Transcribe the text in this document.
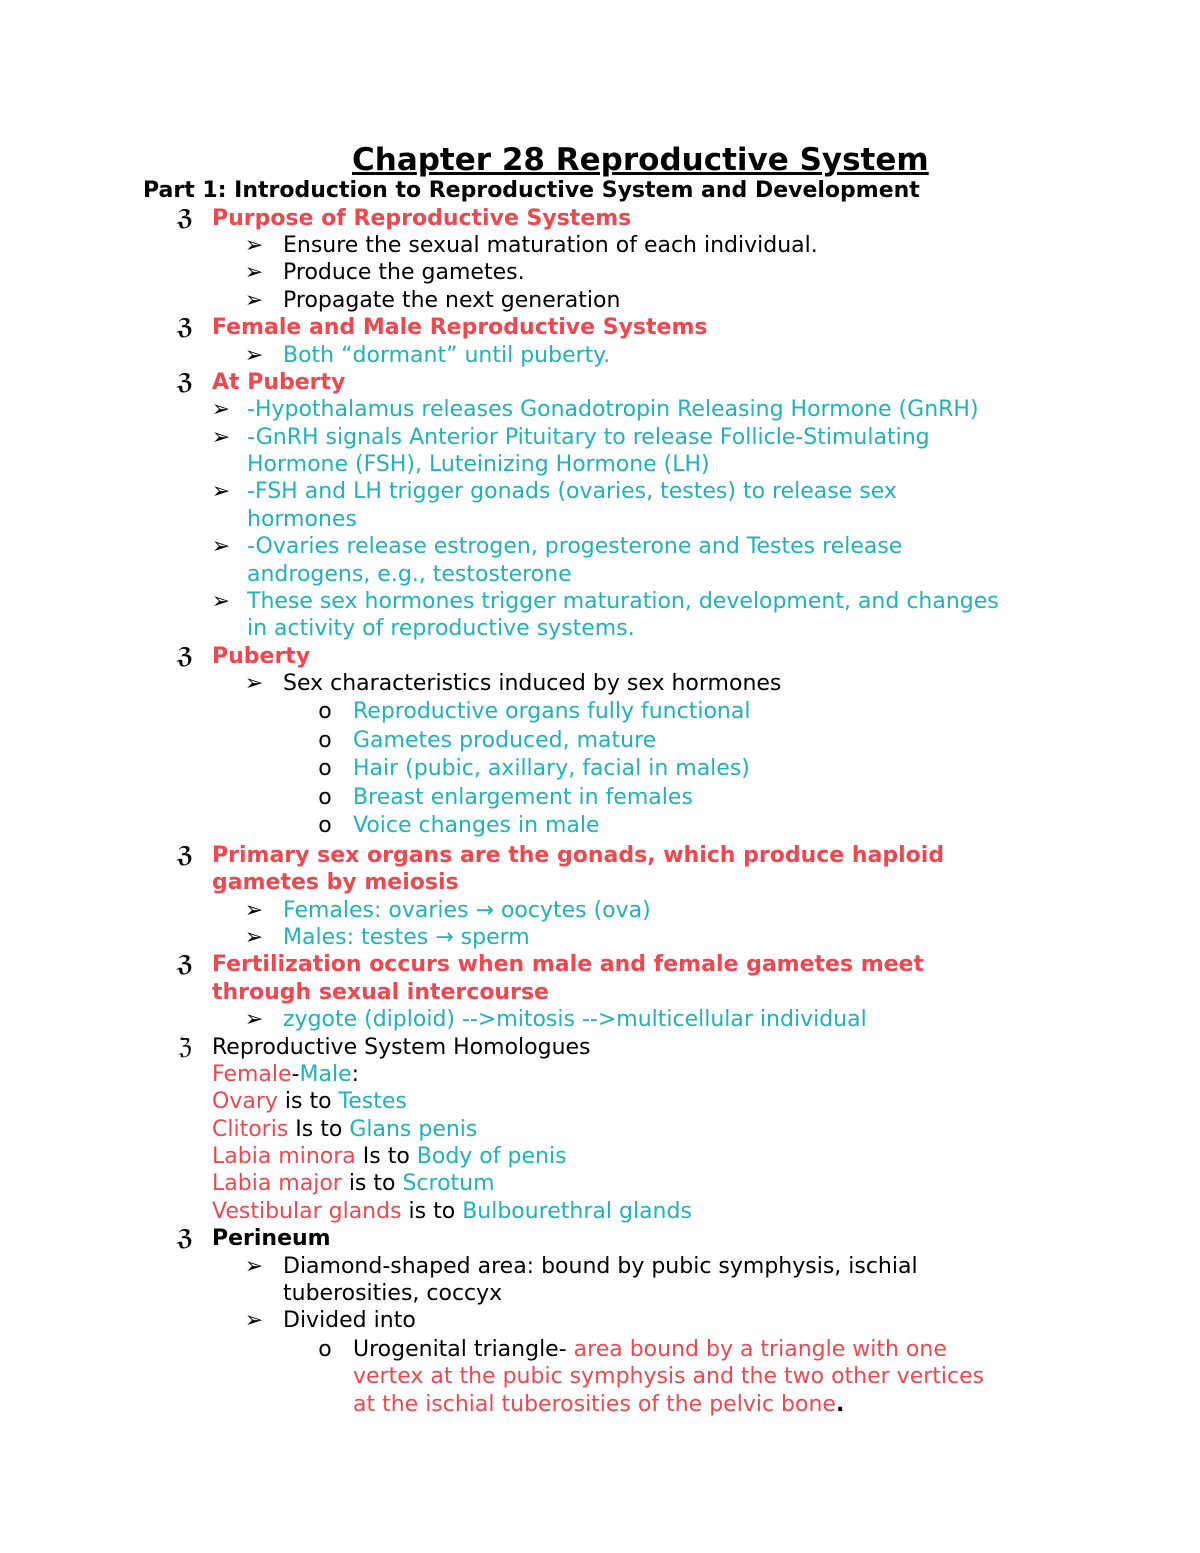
Chapter 28 Reproductive System
Part 1: Introduction to Reproductive System and Development
ℨ Purpose of Reproductive Systems
➢ Ensure the sexual maturation of each individual.
➢ Produce the gametes.
➢ Propagate the next generation
ℨ Female and Male Reproductive Systems
➢ Both “dormant” until puberty.
ℨ At Puberty
➢ -Hypothalamus releases Gonadotropin Releasing Hormone (GnRH)
➢ -GnRH signals Anterior Pituitary to release Follicle-Stimulating
Hormone (FSH), Luteinizing Hormone (LH)
➢ -FSH and LH trigger gonads (ovaries, testes) to release sex
hormones
➢ -Ovaries release estrogen, progesterone and Testes release
androgens, e.g., testosterone
➢ These sex hormones trigger maturation, development, and changes
in activity of reproductive systems.
ℨ Puberty
➢ Sex characteristics induced by sex hormones
o Reproductive organs fully functional
o Gametes produced, mature
o Hair (pubic, axillary, facial in males)
o Breast enlargement in females
o Voice changes in male
ℨ Primary sex organs are the gonads, which produce haploid
gametes by meiosis
➢ Females: ovaries → oocytes (ova)
➢ Males: testes → sperm
ℨ Fertilization occurs when male and female gametes meet
through sexual intercourse
➢ zygote (diploid) -->mitosis -->multicellular individual
ℨ Reproductive System Homologues
Female-Male:
Ovary is to Testes
Clitoris Is to Glans penis
Labia minora Is to Body of penis
Labia major is to Scrotum
Vestibular glands is to Bulbourethral glands
ℨ Perineum
➢ Diamond-shaped area: bound by pubic symphysis, ischial
tuberosities, coccyx
➢ Divided into
o Urogenital triangle- area bound by a triangle with one
vertex at the pubic symphysis and the two other vertices
at the ischial tuberosities of the pelvic bone.
